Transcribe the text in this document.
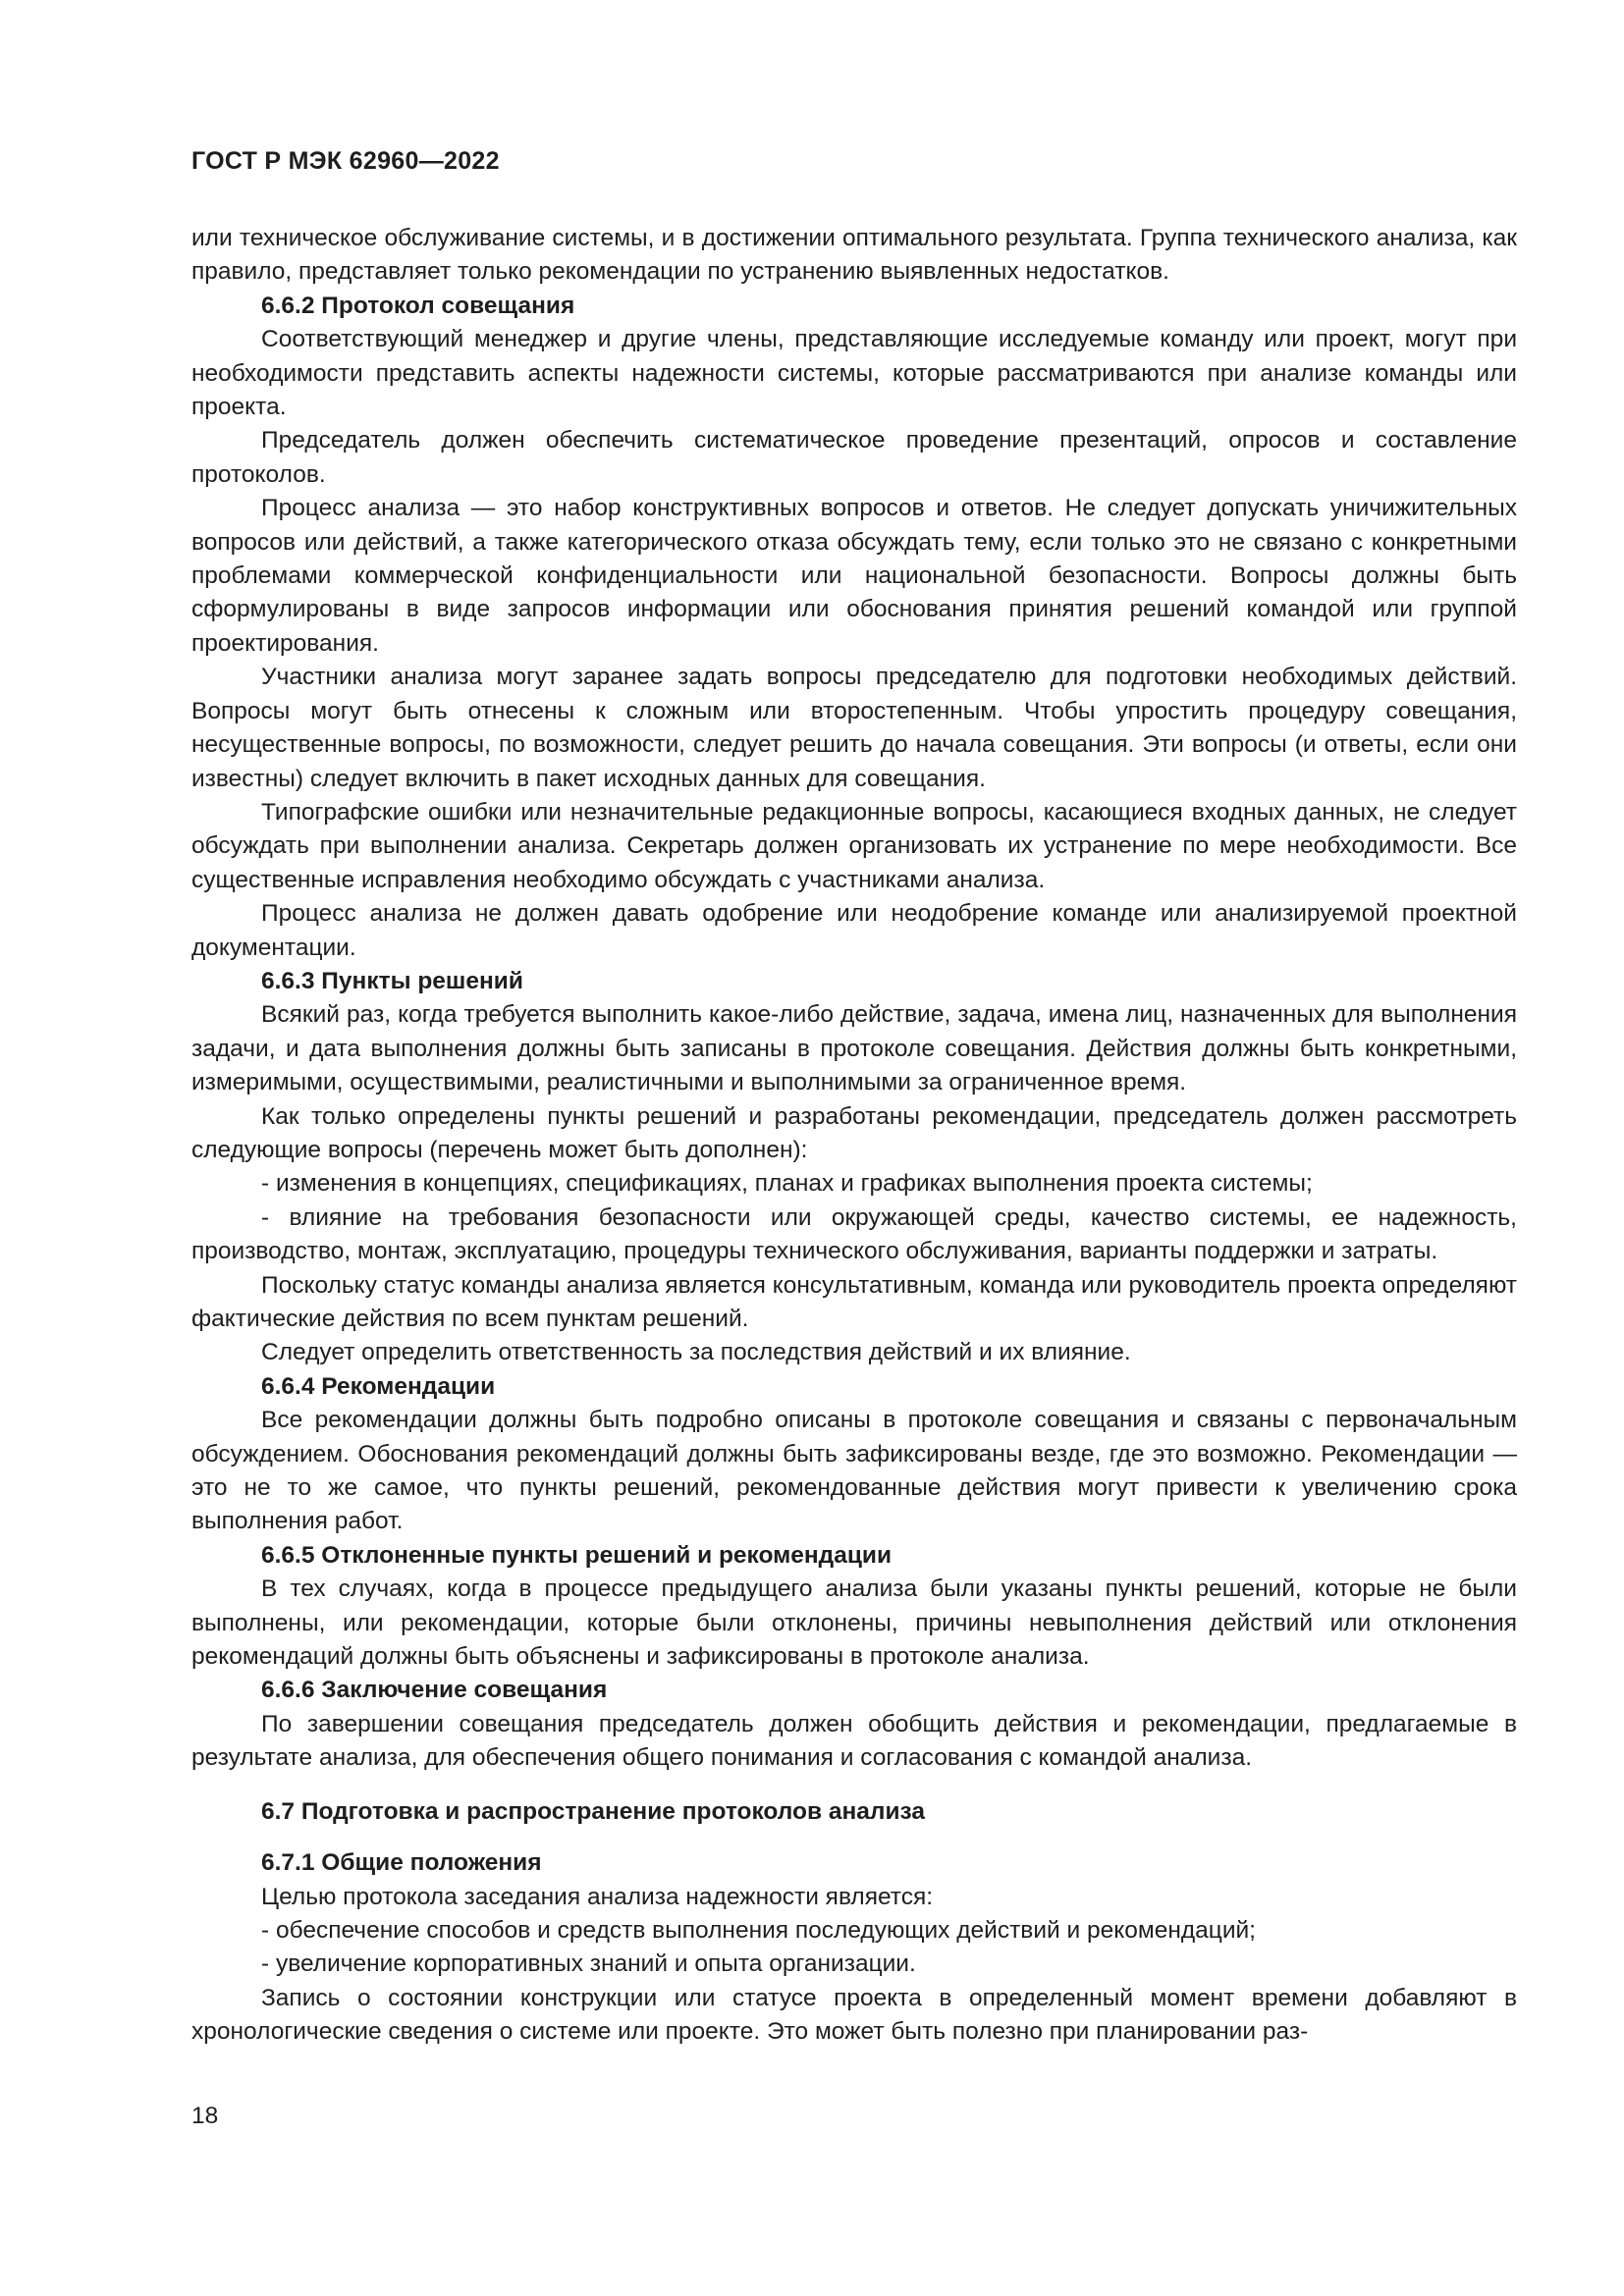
ГОСТ Р МЭК 62960—2022

или техническое обслуживание системы, и в достижении оптимального результата. Группа технического анализа, как правило, представляет только рекомендации по устранению выявленных недостатков.

6.6.2 Протокол совещания

Соответствующий менеджер и другие члены, представляющие исследуемые команду или проект, могут при необходимости представить аспекты надежности системы, которые рассматриваются при анализе команды или проекта.

Председатель должен обеспечить систематическое проведение презентаций, опросов и составление протоколов.

Процесс анализа — это набор конструктивных вопросов и ответов. Не следует допускать уничижительных вопросов или действий, а также категорического отказа обсуждать тему, если только это не связано с конкретными проблемами коммерческой конфиденциальности или национальной безопасности. Вопросы должны быть сформулированы в виде запросов информации или обоснования принятия решений командой или группой проектирования.

Участники анализа могут заранее задать вопросы председателю для подготовки необходимых действий. Вопросы могут быть отнесены к сложным или второстепенным. Чтобы упростить процедуру совещания, несущественные вопросы, по возможности, следует решить до начала совещания. Эти вопросы (и ответы, если они известны) следует включить в пакет исходных данных для совещания.

Типографские ошибки или незначительные редакционные вопросы, касающиеся входных данных, не следует обсуждать при выполнении анализа. Секретарь должен организовать их устранение по мере необходимости. Все существенные исправления необходимо обсуждать с участниками анализа.

Процесс анализа не должен давать одобрение или неодобрение команде или анализируемой проектной документации.

6.6.3 Пункты решений

Всякий раз, когда требуется выполнить какое-либо действие, задача, имена лиц, назначенных для выполнения задачи, и дата выполнения должны быть записаны в протоколе совещания. Действия должны быть конкретными, измеримыми, осуществимыми, реалистичными и выполнимыми за ограниченное время.

Как только определены пункты решений и разработаны рекомендации, председатель должен рассмотреть следующие вопросы (перечень может быть дополнен):

- изменения в концепциях, спецификациях, планах и графиках выполнения проекта системы;

- влияние на требования безопасности или окружающей среды, качество системы, ее надежность, производство, монтаж, эксплуатацию, процедуры технического обслуживания, варианты поддержки и затраты.

Поскольку статус команды анализа является консультативным, команда или руководитель проекта определяют фактические действия по всем пунктам решений.

Следует определить ответственность за последствия действий и их влияние.

6.6.4 Рекомендации

Все рекомендации должны быть подробно описаны в протоколе совещания и связаны с первоначальным обсуждением. Обоснования рекомендаций должны быть зафиксированы везде, где это возможно. Рекомендации — это не то же самое, что пункты решений, рекомендованные действия могут привести к увеличению срока выполнения работ.

6.6.5 Отклоненные пункты решений и рекомендации

В тех случаях, когда в процессе предыдущего анализа были указаны пункты решений, которые не были выполнены, или рекомендации, которые были отклонены, причины невыполнения действий или отклонения рекомендаций должны быть объяснены и зафиксированы в протоколе анализа.

6.6.6 Заключение совещания

По завершении совещания председатель должен обобщить действия и рекомендации, предлагаемые в результате анализа, для обеспечения общего понимания и согласования с командой анализа.

6.7 Подготовка и распространение протоколов анализа

6.7.1 Общие положения

Целью протокола заседания анализа надежности является:

- обеспечение способов и средств выполнения последующих действий и рекомендаций;

- увеличение корпоративных знаний и опыта организации.

Запись о состоянии конструкции или статусе проекта в определенный момент времени добавляют в хронологические сведения о системе или проекте. Это может быть полезно при планировании раз-

18
